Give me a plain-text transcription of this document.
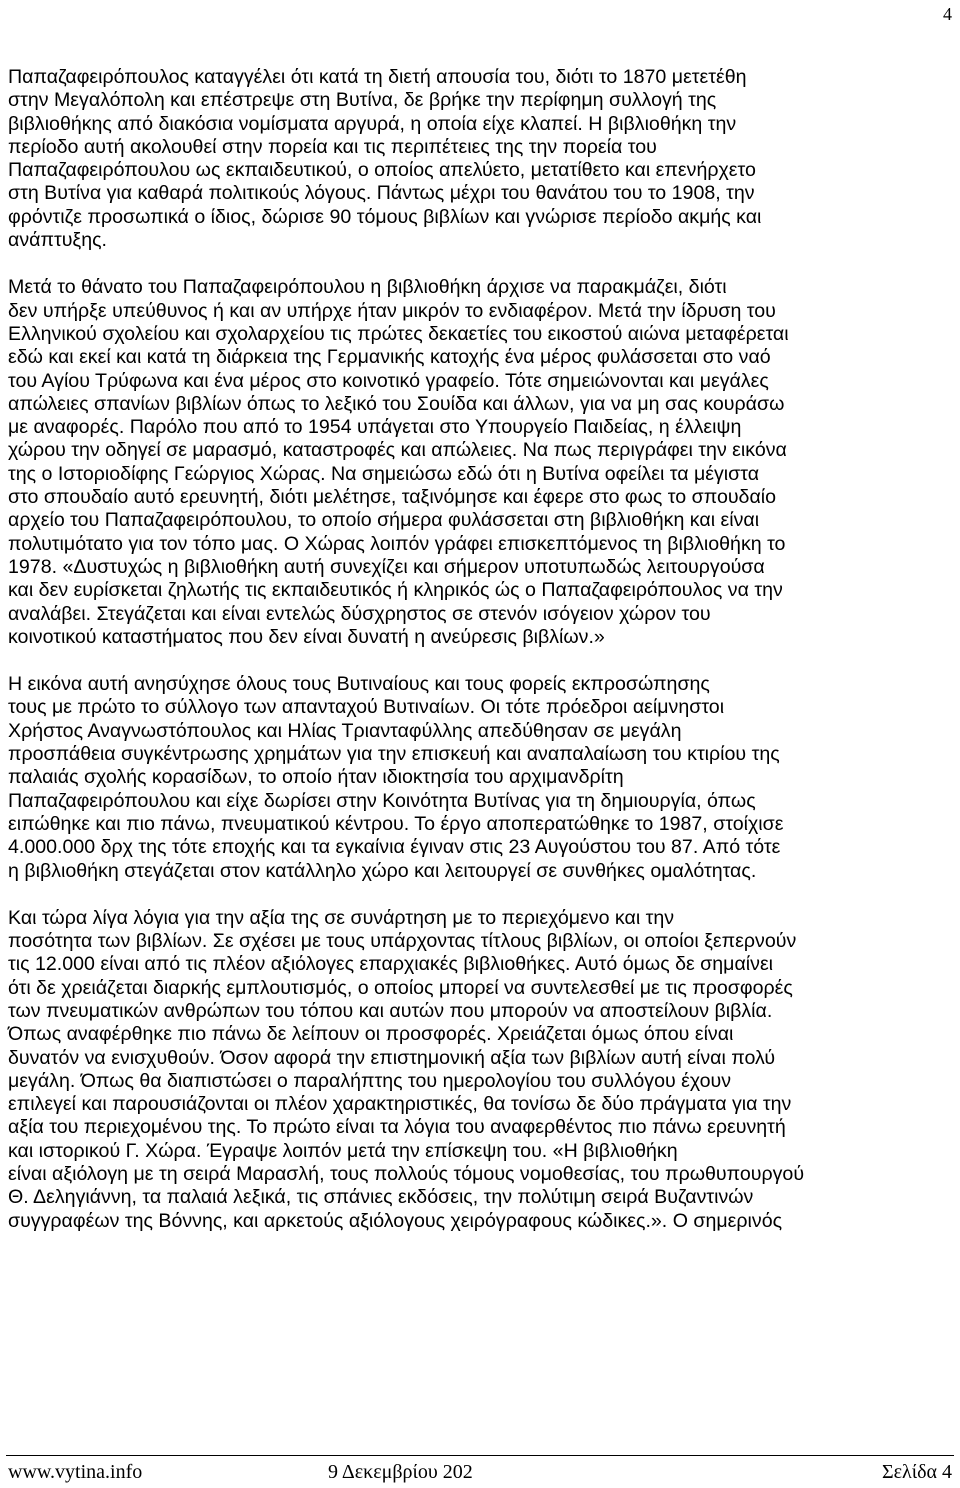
4

Παπαζαφειρόπουλος καταγγέλει ότι κατά τη διετή απουσία του, διότι το 1870 μετετέθη
στην Μεγαλόπολη και επέστρεψε στη Βυτίνα, δε βρήκε την περίφημη συλλογή της
βιβλιοθήκης από διακόσια νομίσματα αργυρά, η οποία είχε κλαπεί. Η βιβλιοθήκη την
περίοδο αυτή ακολουθεί στην πορεία και τις περιπέτειες της την πορεία του
Παπαζαφειρόπουλου ως εκπαιδευτικού, ο οποίος απελύετο, μετατίθετο και επενήρχετο
στη Βυτίνα για καθαρά πολιτικούς λόγους. Πάντως μέχρι του θανάτου του το 1908, την
φρόντιζε προσωπικά ο ίδιος, δώρισε 90 τόμους βιβλίων και γνώρισε περίοδο ακμής και
ανάπτυξης.

Μετά το θάνατο του Παπαζαφειρόπουλου η βιβλιοθήκη άρχισε να παρακμάζει, διότι
δεν υπήρξε υπεύθυνος ή και αν υπήρχε ήταν μικρόν το ενδιαφέρον. Μετά την ίδρυση του
Ελληνικού σχολείου και σχολαρχείου τις πρώτες δεκαετίες του εικοστού αιώνα μεταφέρεται
εδώ και εκεί και κατά τη διάρκεια της Γερμανικής κατοχής ένα μέρος φυλάσσεται στο ναό
του Αγίου Τρύφωνα και ένα μέρος στο κοινοτικό γραφείο. Τότε σημειώνονται και μεγάλες
απώλειες σπανίων βιβλίων όπως το λεξικό του Σουίδα και άλλων, για να μη σας κουράσω
με αναφορές. Παρόλο που από το 1954 υπάγεται στο Υπουργείο Παιδείας, η έλλειψη
χώρου την οδηγεί σε μαρασμό, καταστροφές και απώλειες. Να πως περιγράφει την εικόνα
της ο Ιστοριοδίφης Γεώργιος Χώρας. Να σημειώσω εδώ ότι η Βυτίνα οφείλει τα μέγιστα
στο σπουδαίο αυτό ερευνητή, διότι μελέτησε, ταξινόμησε και έφερε στο φως το σπουδαίο
αρχείο του Παπαζαφειρόπουλου, το οποίο σήμερα φυλάσσεται στη βιβλιοθήκη και είναι
πολυτιμότατο για τον τόπο μας. Ο Χώρας λοιπόν γράφει επισκεπτόμενος τη βιβλιοθήκη το
1978. «Δυστυχώς η βιβλιοθήκη αυτή συνεχίζει και σήμερον υποτυπωδώς λειτουργούσα
και δεν ευρίσκεται ζηλωτής τις εκπαιδευτικός ή κληρικός ώς ο Παπαζαφειρόπουλος να την
αναλάβει. Στεγάζεται και είναι εντελώς δύσχρηστος σε στενόν ισόγειον χώρον του
κοινοτικού καταστήματος που δεν είναι δυνατή η ανεύρεσις βιβλίων.»

Η εικόνα αυτή ανησύχησε όλους τους Βυτιναίους και τους φορείς εκπροσώπησης
τους με πρώτο το σύλλογο των απανταχού Βυτιναίων. Οι τότε πρόεδροι αείμνηστοι
Χρήστος Αναγνωστόπουλος και Ηλίας Τριανταφύλλης απεδύθησαν σε μεγάλη
προσπάθεια συγκέντρωσης χρημάτων για την επισκευή και αναπαλαίωση του κτιρίου της
παλαιάς σχολής κορασίδων, το οποίο ήταν ιδιοκτησία του αρχιμανδρίτη
Παπαζαφειρόπουλου και είχε δωρίσει στην Κοινότητα Βυτίνας για τη δημιουργία, όπως
ειπώθηκε και πιο πάνω, πνευματικού κέντρου. Το έργο αποπερατώθηκε το 1987, στοίχισε
4.000.000 δρχ της τότε εποχής και τα εγκαίνια έγιναν στις 23 Αυγούστου του 87. Από τότε
η βιβλιοθήκη στεγάζεται στον κατάλληλο χώρο και λειτουργεί σε συνθήκες ομαλότητας.

Και τώρα λίγα λόγια για την αξία της σε συνάρτηση με το περιεχόμενο και την
ποσότητα των βιβλίων. Σε σχέσει με τους υπάρχοντας τίτλους βιβλίων, οι οποίοι ξεπερνούν
τις 12.000 είναι από τις πλέον αξιόλογες επαρχιακές βιβλιοθήκες. Αυτό όμως δε σημαίνει
ότι δε χρειάζεται διαρκής εμπλουτισμός, ο οποίος μπορεί να συντελεσθεί με τις προσφορές
των πνευματικών ανθρώπων του τόπου και αυτών που μπορούν να αποστείλουν βιβλία.
Όπως αναφέρθηκε πιο πάνω δε λείπουν οι προσφορές. Χρειάζεται όμως όπου είναι
δυνατόν να ενισχυθούν. Όσον αφορά την επιστημονική αξία των βιβλίων αυτή είναι πολύ
μεγάλη. Όπως θα διαπιστώσει ο παραλήπτης του ημερολογίου του συλλόγου έχουν
επιλεγεί και παρουσιάζονται οι πλέον χαρακτηριστικές, θα τονίσω δε δύο πράγματα για την
αξία του περιεχομένου της. Το πρώτο είναι τα λόγια του αναφερθέντος πιο πάνω ερευνητή
και ιστορικού Γ. Χώρα. Έγραψε λοιπόν μετά την επίσκεψη του. «Η βιβλιοθήκη
είναι αξιόλογη με τη σειρά Μαρασλή, τους πολλούς τόμους νομοθεσίας, του πρωθυπουργού
Θ. Δεληγιάννη, τα παλαιά λεξικά, τις σπάνιες εκδόσεις, την πολύτιμη σειρά Βυζαντινών
συγγραφέων της Βόννης, και αρκετούς αξιόλογους χειρόγραφους κώδικες.». Ο σημερινός

www.vytina.info	9 Δεκεμβρίου 202	Σελίδα 4
